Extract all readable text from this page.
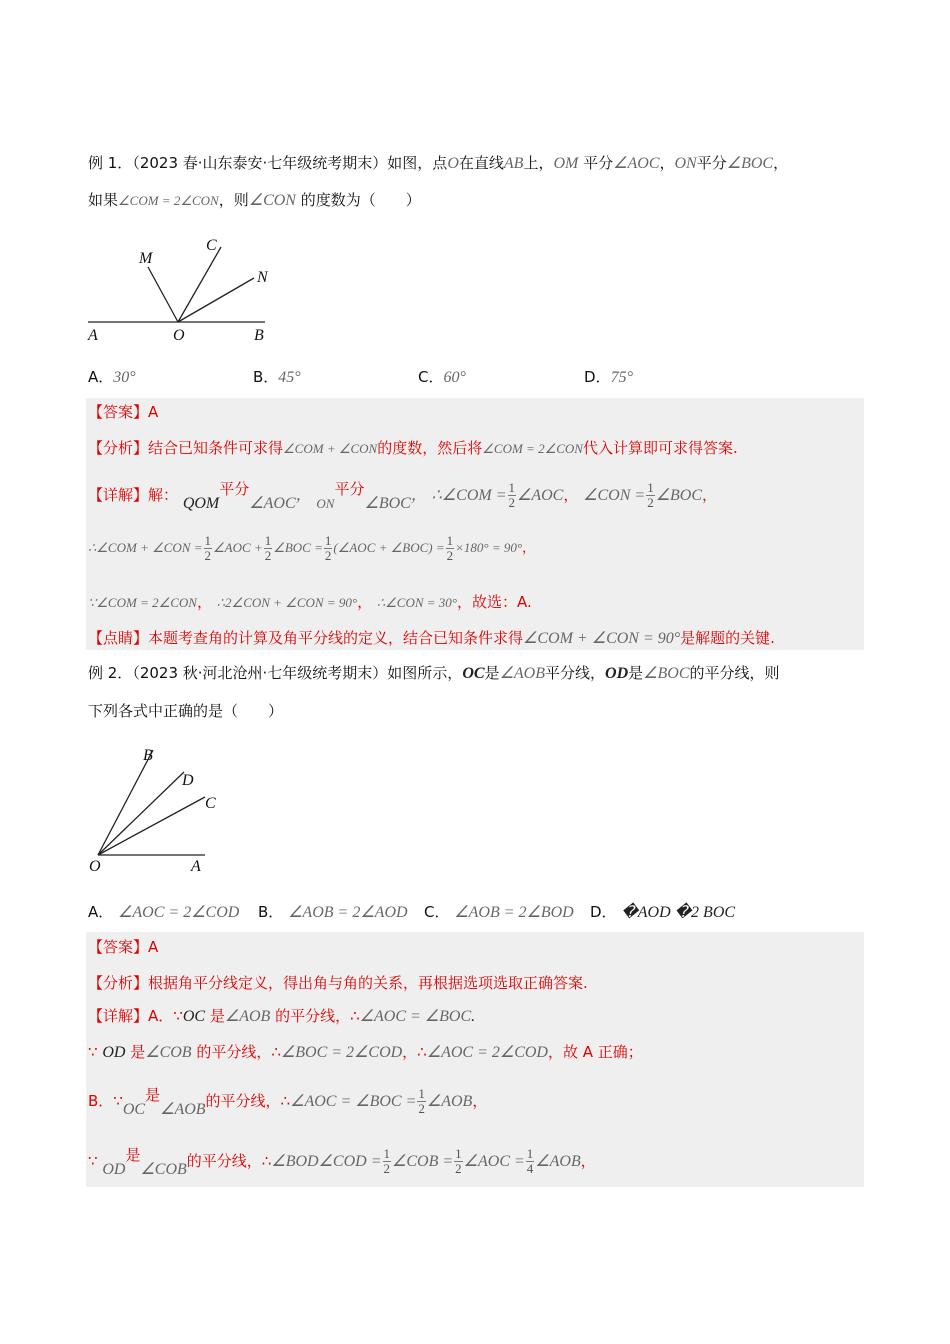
例 1．（2023 春·山东泰安·七年级统考期末）如图，点O在直线AB上，OM 平分∠AOC，ON平分∠BOC，
如果∠COM = 2∠CON，则∠CON 的度数为（　　）
A	O	B
M
C
N
A．30°	B．45°	C．60°	D．75°
【答案】A
【分析】结合已知条件可求得∠COM + ∠CON的度数，然后将∠COM = 2∠CON代入计算即可求得答案.
【详解】解： QOM平分∠AOC， ON平分∠BOC， ∴∠COM = $\frac{1}{2}$ ∠AOC， ∠CON = $\frac{1}{2}$ ∠BOC，
∴∠COM + ∠CON = $\frac{1}{2}$ ∠AOC + $\frac{1}{2}$ ∠BOC = $\frac{1}{2}$ (∠AOC + ∠BOC) = $\frac{1}{2} \times 180^\circ = 90^\circ$，
∵∠COM = 2∠CON， ∴2∠CON + ∠CON = 90°， ∴∠CON = 30°，故选：A.
【点睛】本题考查角的计算及角平分线的定义，结合已知条件求得∠COM + ∠CON = 90°是解题的关键.
例 2．（2023 秋·河北沧州·七年级统考期末）如图所示，OC是∠AOB平分线，OD是∠BOC的平分线，则
下列各式中正确的是（　　）
B
D
C
O	A
A． ∠AOC = 2∠COD B． ∠AOB = 2∠AOD C． ∠AOB = 2∠BOD D． �AOD �2 BOC
【答案】A
【分析】根据角平分线定义，得出角与角的关系，再根据选项选取正确答案.
【详解】A．∵OC 是∠AOB 的平分线，∴∠AOC = ∠BOC.
∵ OD 是∠COB 的平分线，∴∠BOC = 2∠COD，∴∠AOC = 2∠COD，故 A 正确；
B．∵OC是∠AOB的平分线，∴∠AOC = ∠BOC = $\frac{1}{2}$ ∠AOB，
∵ OD是∠COB的平分线，∴∠BOD∠COD = $\frac{1}{2}$ ∠COB = $\frac{1}{2}$ ∠AOC = $\frac{1}{4}$ ∠AOB，
